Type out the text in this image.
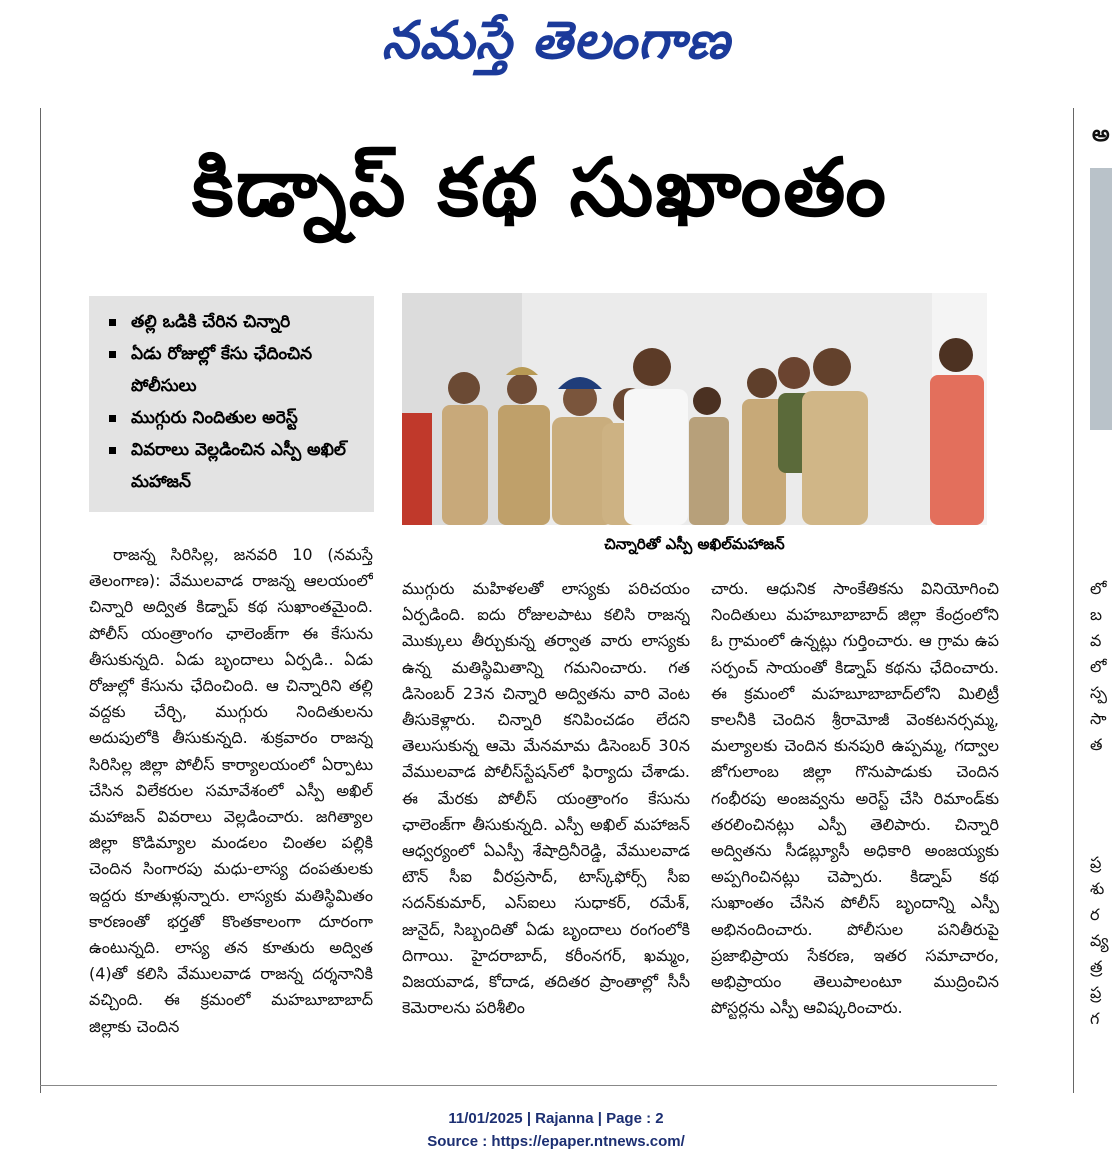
నమస్తే తెలంగాణ
కిడ్నాప్ కథ సుఖాంతం
తల్లి ఒడికి చేరిన చిన్నారి
ఏడు రోజుల్లో కేసు ఛేదించిన పోలీసులు
ముగ్గురు నిందితుల అరెస్ట్
వివరాలు వెల్లడించిన ఎస్పీ అఖిల్ మహాజన్
చిన్నారితో ఎస్పీ అఖిల్‌మహాజన్

రాజన్న సిరిసిల్ల, జనవరి 10 (నమస్తే తెలంగాణ): వేములవాడ రాజన్న ఆలయంలో చిన్నారి అద్విత కిడ్నాప్ కథ సుఖాంతమైంది. పోలీస్ యంత్రాంగం ఛాలెంజ్‌గా ఈ కేసును తీసుకున్నది. ఏడు బృందాలు ఏర్పడి.. ఏడు రోజుల్లో కేసును ఛేదించింది. ఆ చిన్నారిని తల్లి వద్దకు చేర్చి, ముగ్గురు నిందితులను అదుపులోకి తీసుకున్నది. శుక్రవారం రాజన్న సిరిసిల్ల జిల్లా పోలీస్ కార్యాలయంలో ఏర్పాటు చేసిన విలేకరుల సమావేశంలో ఎస్పీ అఖిల్ మహాజన్ వివరాలు వెల్లడించారు. జగిత్యాల జిల్లా కొడిమ్యాల మండలం చింతల పల్లికి చెందిన సింగారపు మధు-లాస్య దంపతులకు ఇద్దరు కూతుళ్లున్నారు. లాస్యకు మతిస్థిమితం కారణంతో భర్తతో కొంతకాలంగా దూరంగా ఉంటున్నది. లాస్య తన కూతురు అద్విత (4)తో కలిసి వేములవాడ రాజన్న దర్శనానికి వచ్చింది. ఈ క్రమంలో మహబూబాబాద్ జిల్లాకు చెందిన

ముగ్గురు మహిళలతో లాస్యకు పరిచయం ఏర్పడింది. ఐదు రోజులపాటు కలిసి రాజన్న మొక్కులు తీర్చుకున్న తర్వాత వారు లాస్యకు ఉన్న మతిస్థిమితాన్ని గమనించారు. గత డిసెంబర్ 23న చిన్నారి అద్వితను వారి వెంట తీసుకెళ్లారు. చిన్నారి కనిపించడం లేదని తెలుసుకున్న ఆమె మేనమామ డిసెంబర్ 30న వేములవాడ పోలీస్‌స్టేషన్‌లో ఫిర్యాదు చేశాడు. ఈ మేరకు పోలీస్ యంత్రాంగం కేసును ఛాలెంజ్‌గా తీసుకున్నది. ఎస్పీ అఖిల్ మహాజన్ ఆధ్వర్యంలో ఏఎస్పీ శేషాద్రినీరెడ్డి, వేములవాడ టౌన్ సీఐ వీరప్రసాద్, టాస్క్‌ఫోర్స్ సీఐ సదన్‌కుమార్, ఎస్‌ఐలు సుధాకర్, రమేశ్, జునైద్, సిబ్బందితో ఏడు బృందాలు రంగంలోకి దిగాయి. హైదరాబాద్, కరీంనగర్, ఖమ్మం, విజయవాడ, కోదాడ, తదితర ప్రాంతాల్లో సీసీ కెమెరాలను పరిశీలిం

చారు. ఆధునిక సాంకేతికను వినియోగించి నిందితులు మహబూబాబాద్ జిల్లా కేంద్రంలోని ఓ గ్రామంలో ఉన్నట్లు గుర్తించారు. ఆ గ్రామ ఉప సర్పంచ్ సాయంతో కిడ్నాప్ కథను ఛేదించారు. ఈ క్రమంలో మహబూబాబాద్‌లోని మిలిట్రీ కాలనీకి చెందిన శ్రీరామోజీ వెంకటనర్సమ్మ, మల్యాలకు చెందిన కునపురి ఉప్పమ్మ, గద్వాల జోగులాంబ జిల్లా గొనుపాడుకు చెందిన గంభీరపు అంజవ్వను అరెస్ట్ చేసి రిమాండ్‌కు తరలించినట్లు ఎస్పీ తెలిపారు. చిన్నారి అద్వితను సీడబ్ల్యూసీ అధికారి అంజయ్యకు అప్పగించినట్లు చెప్పారు. కిడ్నాప్ కథ సుఖాంతం చేసిన పోలీస్ బృందాన్ని ఎస్పీ అభినందించారు. పోలీసుల పనితీరుపై ప్రజాభిప్రాయ సేకరణ, ఇతర సమాచారం, అభిప్రాయం తెలుపాలంటూ ముద్రించిన పోస్టర్లను ఎస్పీ ఆవిష్కరించారు.

అ
లో
బ
వ
లో
స్ప
సా
త
ప్ర
శు
ర
వ్య
త్ర
ప్ర
గ
11/01/2025 | Rajanna | Page : 2
Source : https://epaper.ntnews.com/
